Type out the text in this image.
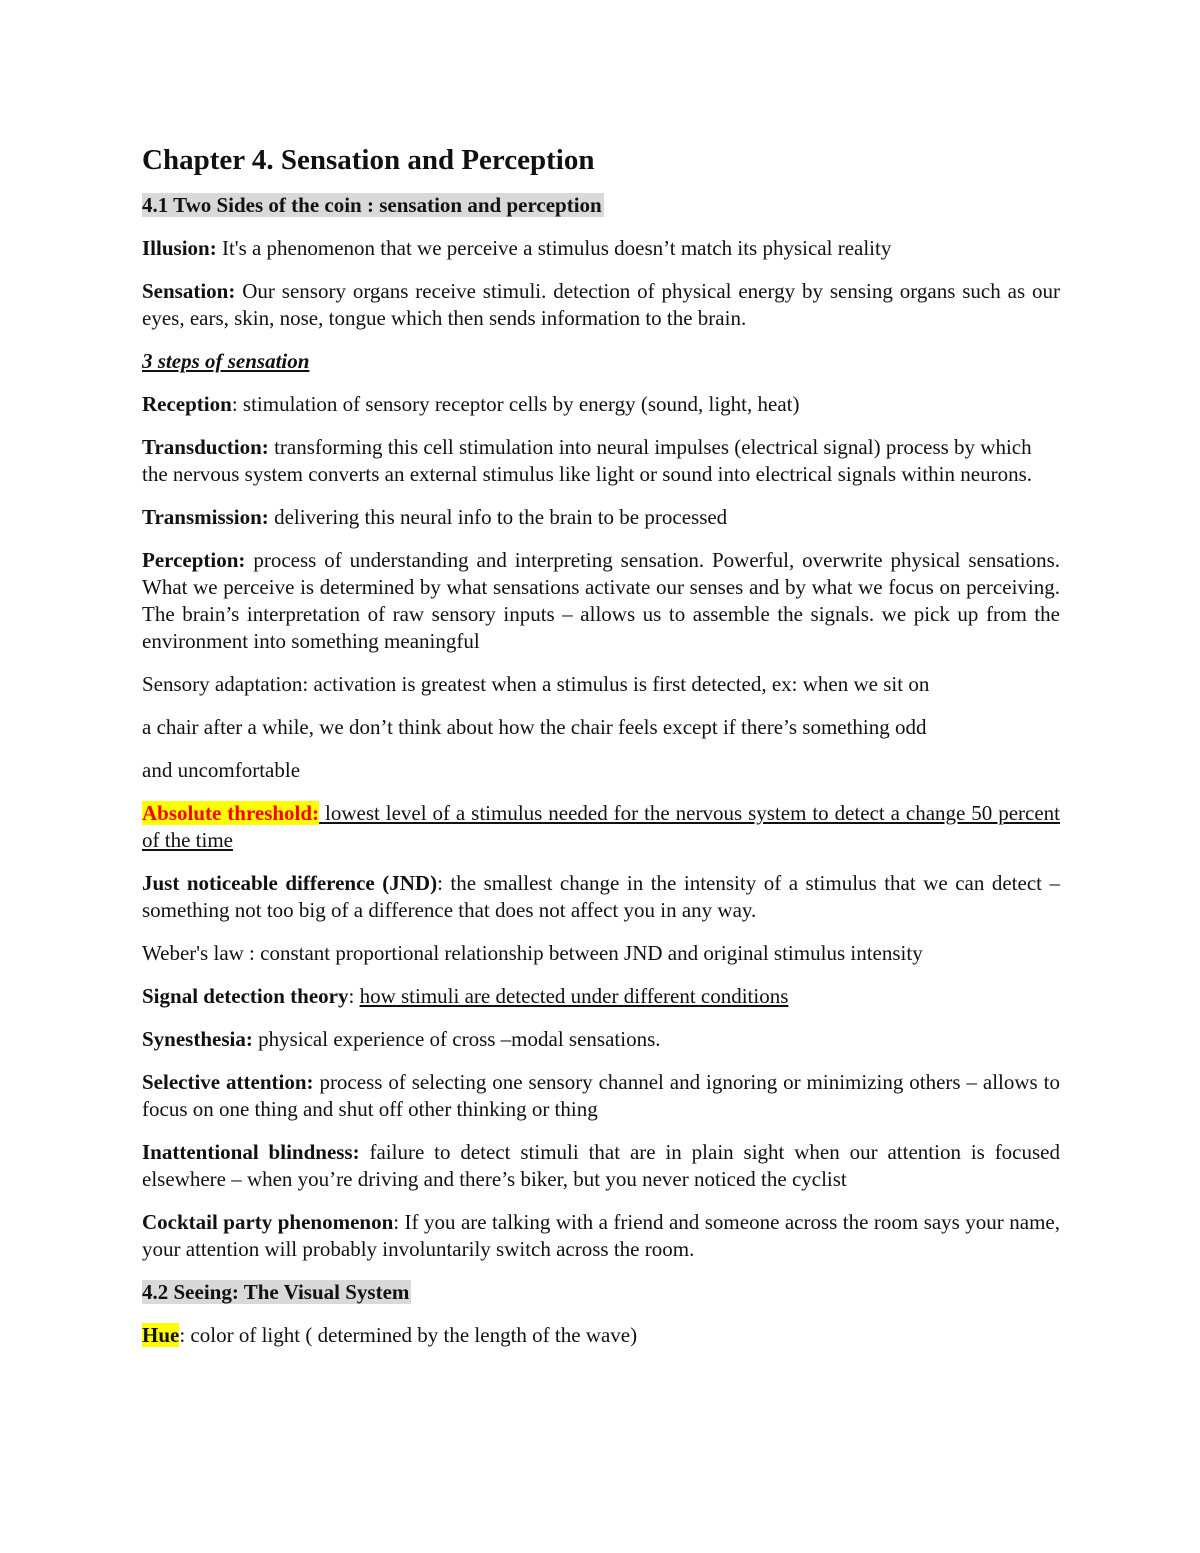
Chapter 4. Sensation and Perception
4.1 Two Sides of the coin : sensation and perception

Illusion: It's a phenomenon that we perceive a stimulus doesn’t match its physical reality

Sensation: Our sensory organs receive stimuli. detection of physical energy by sensing organs such as our eyes, ears, skin, nose, tongue which then sends information to the brain.

3 steps of sensation

Reception: stimulation of sensory receptor cells by energy (sound, light, heat)

Transduction: transforming this cell stimulation into neural impulses (electrical signal) process by which the nervous system converts an external stimulus like light or sound into electrical signals within neurons.

Transmission: delivering this neural info to the brain to be processed

Perception: process of understanding and interpreting sensation. Powerful, overwrite physical sensations. What we perceive is determined by what sensations activate our senses and by what we focus on perceiving. The brain’s interpretation of raw sensory inputs – allows us to assemble the signals. we pick up from the environment into something meaningful

Sensory adaptation: activation is greatest when a stimulus is first detected, ex: when we sit on

a chair after a while, we don’t think about how the chair feels except if there’s something odd

and uncomfortable

Absolute threshold: lowest level of a stimulus needed for the nervous system to detect a change 50 percent of the time

Just noticeable difference (JND): the smallest change in the intensity of a stimulus that we can detect – something not too big of a difference that does not affect you in any way.

Weber's law : constant proportional relationship between JND and original stimulus intensity

Signal detection theory: how stimuli are detected under different conditions

Synesthesia: physical experience of cross –modal sensations.

Selective attention: process of selecting one sensory channel and ignoring or minimizing others – allows to focus on one thing and shut off other thinking or thing

Inattentional blindness: failure to detect stimuli that are in plain sight when our attention is focused elsewhere – when you’re driving and there’s biker, but you never noticed the cyclist

Cocktail party phenomenon: If you are talking with a friend and someone across the room says your name, your attention will probably involuntarily switch across the room.

4.2 Seeing: The Visual System

Hue: color of light ( determined by the length of the wave)
